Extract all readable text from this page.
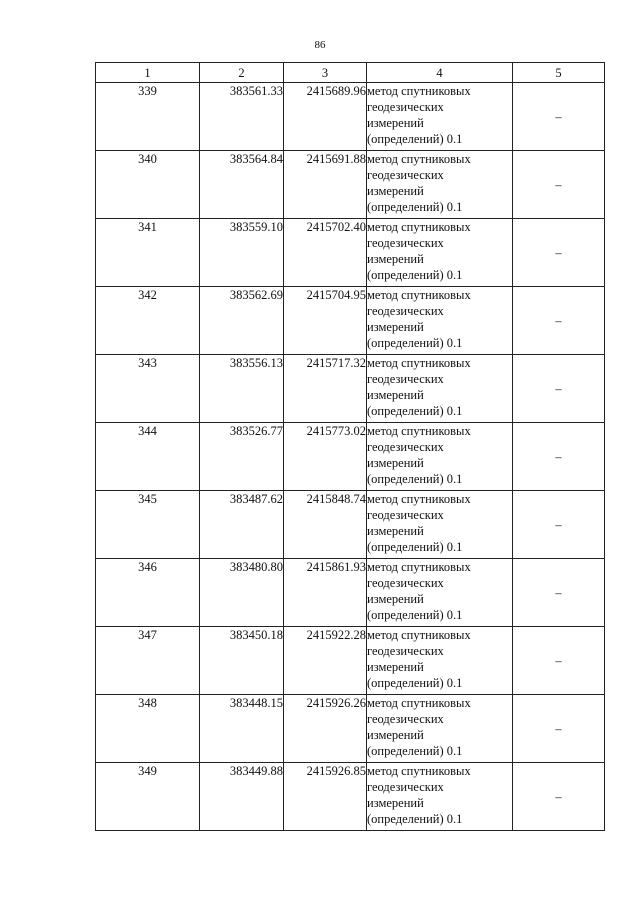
86
1	2	3	4	5
339	383561.33	2415689.96	метод спутниковых геодезических измерений (определений) 0.1	–
340	383564.84	2415691.88	метод спутниковых геодезических измерений (определений) 0.1	–
341	383559.10	2415702.40	метод спутниковых геодезических измерений (определений) 0.1	–
342	383562.69	2415704.95	метод спутниковых геодезических измерений (определений) 0.1	–
343	383556.13	2415717.32	метод спутниковых геодезических измерений (определений) 0.1	–
344	383526.77	2415773.02	метод спутниковых геодезических измерений (определений) 0.1	–
345	383487.62	2415848.74	метод спутниковых геодезических измерений (определений) 0.1	–
346	383480.80	2415861.93	метод спутниковых геодезических измерений (определений) 0.1	–
347	383450.18	2415922.28	метод спутниковых геодезических измерений (определений) 0.1	–
348	383448.15	2415926.26	метод спутниковых геодезических измерений (определений) 0.1	–
349	383449.88	2415926.85	метод спутниковых геодезических измерений (определений) 0.1	–
